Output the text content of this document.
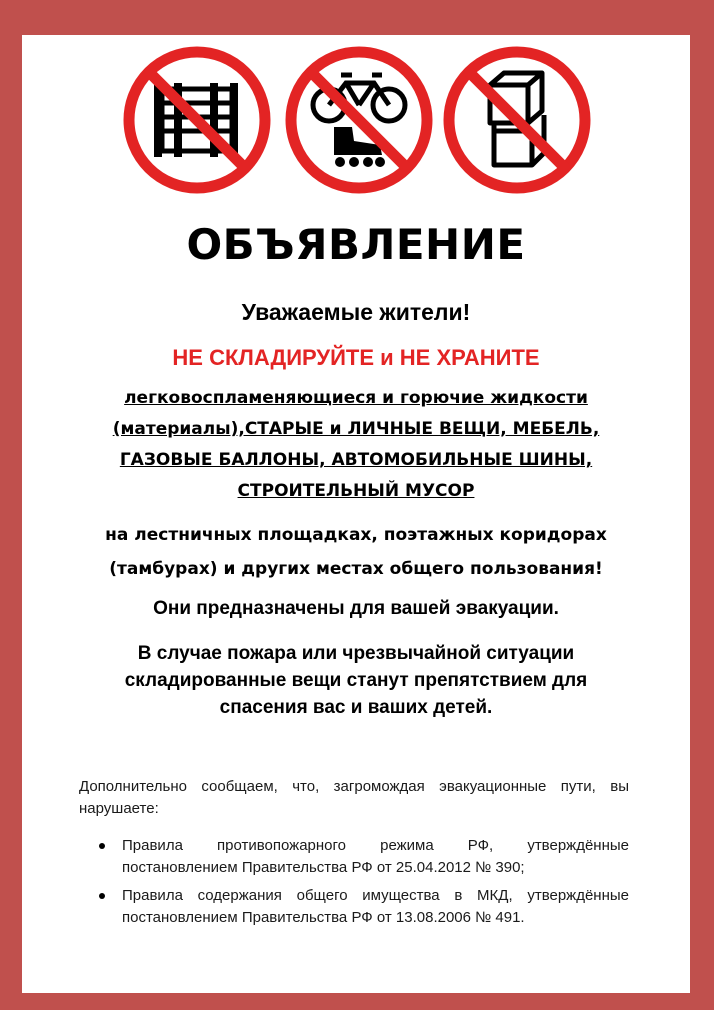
ОБЪЯВЛЕНИЕ
Уважаемые жители!
НЕ СКЛАДИРУЙТЕ и НЕ ХРАНИТЕ
легковоспламеняющиеся и горючие жидкости
(материалы),СТАРЫЕ и ЛИЧНЫЕ ВЕЩИ, МЕБЕЛЬ,
ГАЗОВЫЕ БАЛЛОНЫ, АВТОМОБИЛЬНЫЕ ШИНЫ,
СТРОИТЕЛЬНЫЙ МУСОР
на лестничных площадках, поэтажных коридорах
(тамбурах) и других местах общего пользования!
Они предназначены для вашей эвакуации.
В случае пожара или чрезвычайной ситуации складированные вещи станут препятствием для спасения вас и ваших детей.
Дополнительно сообщаем, что, загромождая эвакуационные пути, вы нарушаете:
Правила противопожарного режима РФ, утверждённые постановлением Правительства РФ от 25.04.2012 № 390;
Правила содержания общего имущества в МКД, утверждённые постановлением Правительства РФ от 13.08.2006 № 491.
